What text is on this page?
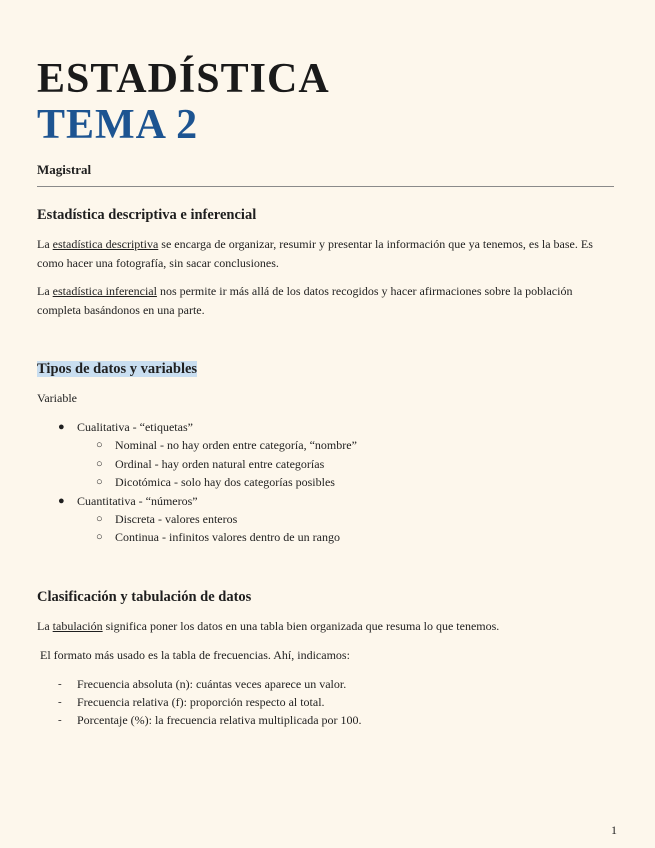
ESTADÍSTICA
TEMA 2
Magistral
Estadística descriptiva e inferencial

La estadística descriptiva se encarga de organizar, resumir y presentar la información que ya tenemos, es la base. Es como hacer una fotografía, sin sacar conclusiones.

La estadística inferencial nos permite ir más allá de los datos recogidos y hacer afirmaciones sobre la población completa basándonos en una parte.

Tipos de datos y variables
Variable
● Cualitativa - “etiquetas”
○ Nominal - no hay orden entre categoría, “nombre”
○ Ordinal - hay orden natural entre categorías
○ Dicotómica - solo hay dos categorías posibles
● Cuantitativa - “números”
○ Discreta - valores enteros
○ Continua - infinitos valores dentro de un rango
Clasificación y tabulación de datos

La tabulación significa poner los datos en una tabla bien organizada que resuma lo que tenemos.

El formato más usado es la tabla de frecuencias. Ahí, indicamos:

- Frecuencia absoluta (n): cuántas veces aparece un valor.
- Frecuencia relativa (f): proporción respecto al total.
- Porcentaje (%): la frecuencia relativa multiplicada por 100.
1
